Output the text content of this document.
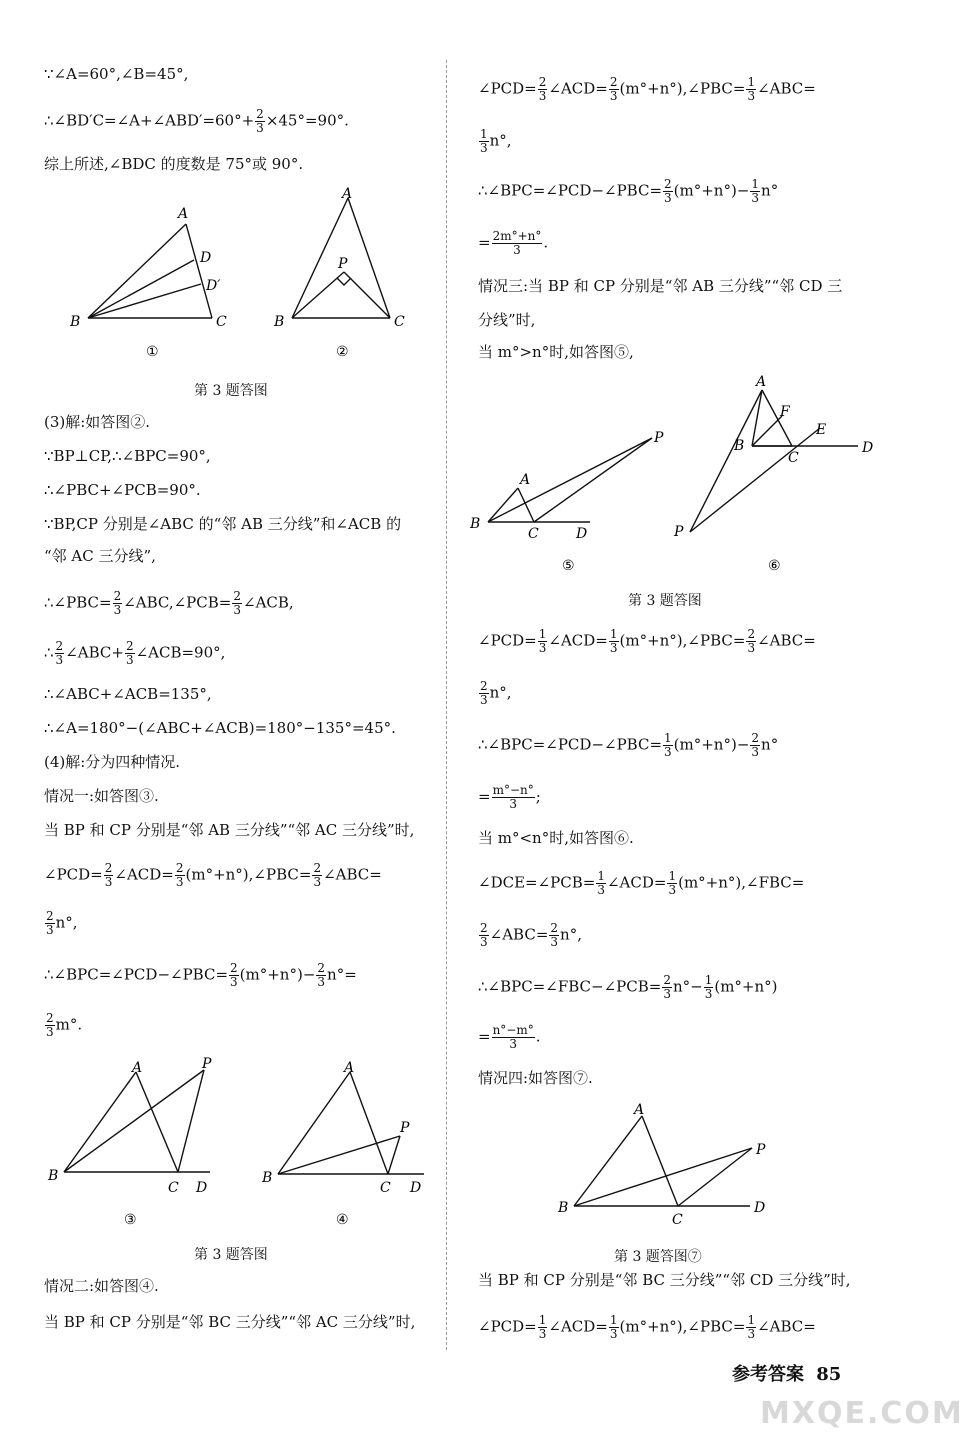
∵∠A=60°,∠B=45°,
∴∠BD′C=∠A+∠ABD′=60°+ $\frac{2}{3} \times 45^\circ=90^\circ$.
综上所述,∠BDC 的度数是 75°或 90°.
A
B	C
D
D′
A
B	C
P
①	②
第 3 题答图
(3)解:如答图②.
∵BP⊥CP,∴∠BPC=90°,
∴∠PBC+∠PCB=90°.
∵BP,CP 分别是∠ABC 的“邻 AB 三分线”和∠ACB 的
“邻 AC 三分线”,
∴∠PBC= $\frac{2}{3}$ ∠ABC,∠PCB= $\frac{2}{3}$ ∠ACB,
∴ $\frac{2}{3}$ ∠ABC+ $\frac{2}{3}$ ∠ACB=90°,
∴∠ABC+∠ACB=135°,
∴∠A=180°−(∠ABC+∠ACB)=180°−135°=45°.
(4)解:分为四种情况.
情况一:如答图③.
当 BP 和 CP 分别是“邻 AB 三分线”“邻 AC 三分线”时,
∠PCD= $\frac{2}{3}$ ∠ACD= $\frac{2}{3}$ (m°+n°),∠PBC= $\frac{2}{3}$ ∠ABC=
$\frac{2}{3} n^\circ$,
∴∠BPC=∠PCD−∠PBC= $\frac{2}{3} (m^\circ+n^\circ)- \frac{2}{3} n^\circ=$
$\frac{2}{3} m^\circ$.
A
B
C D
P	A
B
C D
P
③	④
第 3 题答图
情况二:如答图④.
当 BP 和 CP 分别是“邻 BC 三分线”“邻 AC 三分线”时,
∠PCD= $\frac{2}{3}$ ∠ACD= $\frac{2}{3}$ (m°+n°),∠PBC= $\frac{1}{3}$ ∠ABC=
$\frac{1}{3} n^\circ$,
∴∠BPC=∠PCD−∠PBC= $\frac{2}{3} (m^\circ+n^\circ)- \frac{1}{3} n^\circ$
= $\frac{2m^\circ+n^\circ}{3}$ .
情况三:当 BP 和 CP 分别是“邻 AB 三分线”“邻 CD 三
分线”时,
当 m°>n°时,如答图⑤,
A
B
C	D
P
A
B
C
D
E
F
P
⑤	⑥
第 3 题答图
∠PCD= $\frac{1}{3}$ ∠ACD= $\frac{1}{3}$ (m°+n°),∠PBC= $\frac{2}{3}$ ∠ABC=
$\frac{2}{3} n^\circ$,
∴∠BPC=∠PCD−∠PBC= $\frac{1}{3} (m^\circ+n^\circ)- \frac{2}{3} n^\circ$
= $\frac{m^\circ-n^\circ}{3}$ ;
当 m°<n°时,如答图⑥.
∠DCE=∠PCB= $\frac{1}{3}$ ∠ACD= $\frac{1}{3}$ (m°+n°),∠FBC=
$\frac{2}{3}$ ∠ABC= $\frac{2}{3} n^\circ$,
∴∠BPC=∠FBC−∠PCB= $\frac{2}{3} n^\circ- \frac{1}{3} (m^\circ+n^\circ)$
= $\frac{n^\circ-m^\circ}{3}$ .
情况四:如答图⑦.
A
B
C
D
P
第 3 题答图⑦
当 BP 和 CP 分别是“邻 BC 三分线”“邻 CD 三分线”时,
∠PCD= $\frac{1}{3}$ ∠ACD= $\frac{1}{3}$ (m°+n°),∠PBC= $\frac{1}{3}$ ∠ABC=
参考答案 85
MXQE.COM
